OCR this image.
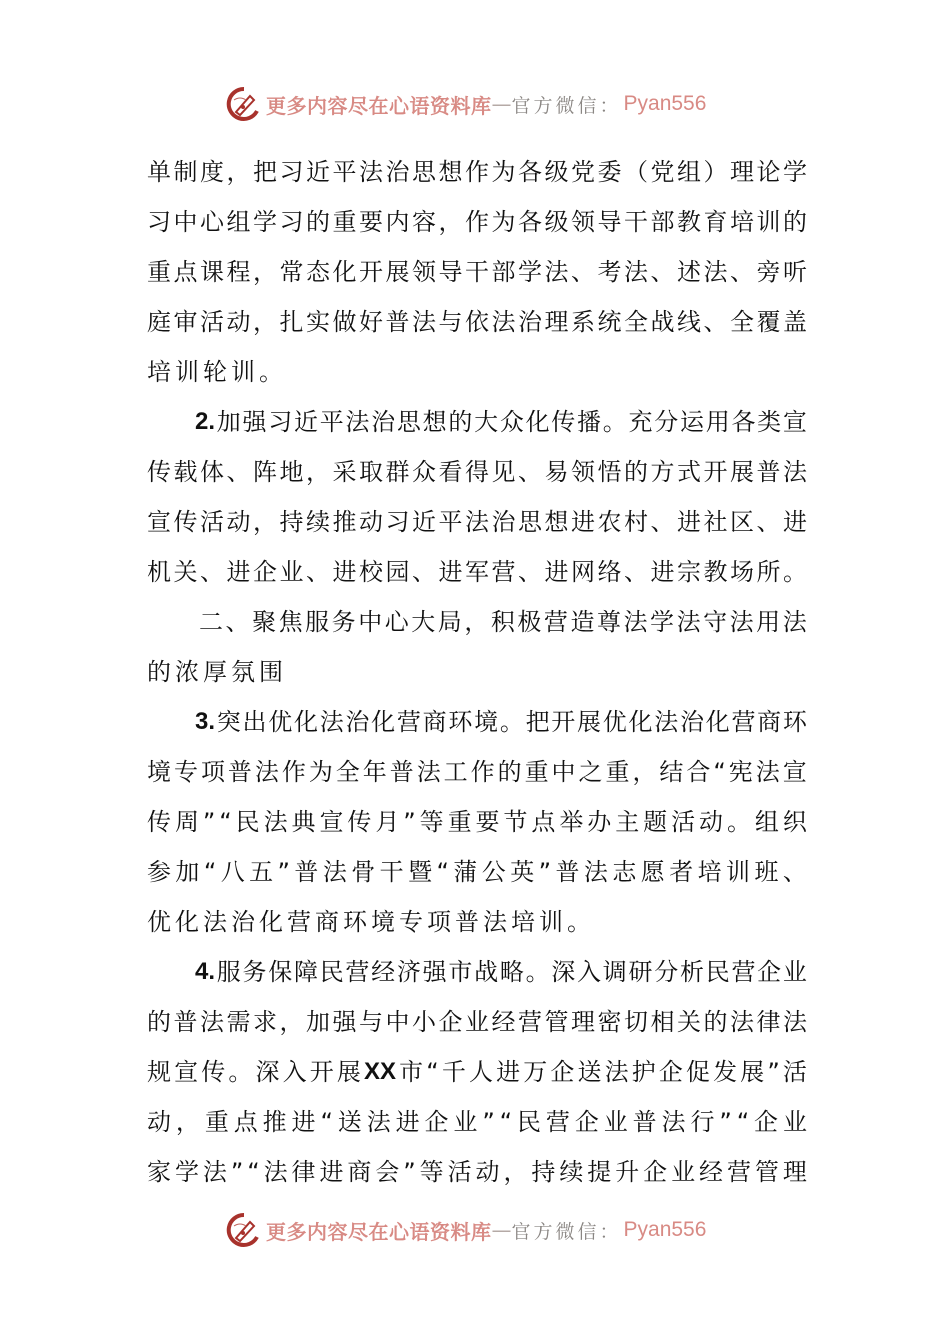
更多内容尽在心语资料库 — 官方微信： Pyan556
单 制 度 ， 把 习 近 平 法 治 思 想 作 为 各 级 党 委 （ 党 组 ） 理 论 学
习 中 心 组 学 习 的 重 要 内 容 ， 作 为 各 级 领 导 干 部 教 育 培 训 的
重 点 课 程 ， 常 态 化 开 展 领 导 干 部 学 法 、 考 法 、 述 法 、 旁 听
庭 审 活 动 ， 扎 实 做 好 普 法 与 依 法 治 理 系 统 全 战 线 、 全 覆 盖
培训轮训。
2. 加 强 习 近 平 法 治 思 想 的 大 众 化 传 播 。 充 分 运 用 各 类 宣
传 载 体 、 阵 地 ， 采 取 群 众 看 得 见 、 易 领 悟 的 方 式 开 展 普 法
宣 传 活 动 ， 持 续 推 动 习 近 平 法 治 思 想 进 农 村 、 进 社 区 、 进
机 关 、 进 企 业 、 进 校 园 、 进 军 营 、 进 网 络 、 进 宗 教 场 所 。
二 、 聚 焦 服 务 中 心 大 局 ， 积 极 营 造 尊 法 学 法 守 法 用 法
的浓厚氛围
3. 突 出 优 化 法 治 化 营 商 环 境 。 把 开 展 优 化 法 治 化 营 商 环
境 专 项 普 法 作 为 全 年 普 法 工 作 的 重 中 之 重 ， 结 合 “ 宪 法 宣
传 周 ” “ 民 法 典 宣 传 月 ” 等 重 要 节 点 举 办 主 题 活 动 。 组 织
参 加 “ 八 五 ” 普 法 骨 干 暨 “ 蒲 公 英 ” 普 法 志 愿 者 培 训 班 、
优化法治化营商环境专项普法培训。
4. 服 务 保 障 民 营 经 济 强 市 战 略 。 深 入 调 研 分 析 民 营 企 业
的 普 法 需 求 ， 加 强 与 中 小 企 业 经 营 管 理 密 切 相 关 的 法 律 法
规 宣 传 。 深 入 开 展 XX 市 “ 千 人 进 万 企 送 法 护 企 促 发 展 ” 活
动 ， 重 点 推 进 “ 送 法 进 企 业 ” “ 民 营 企 业 普 法 行 ” “ 企 业
家 学 法 ” “ 法 律 进 商 会 ” 等 活 动 ， 持 续 提 升 企 业 经 营 管 理
更多内容尽在心语资料库 — 官方微信： Pyan556
